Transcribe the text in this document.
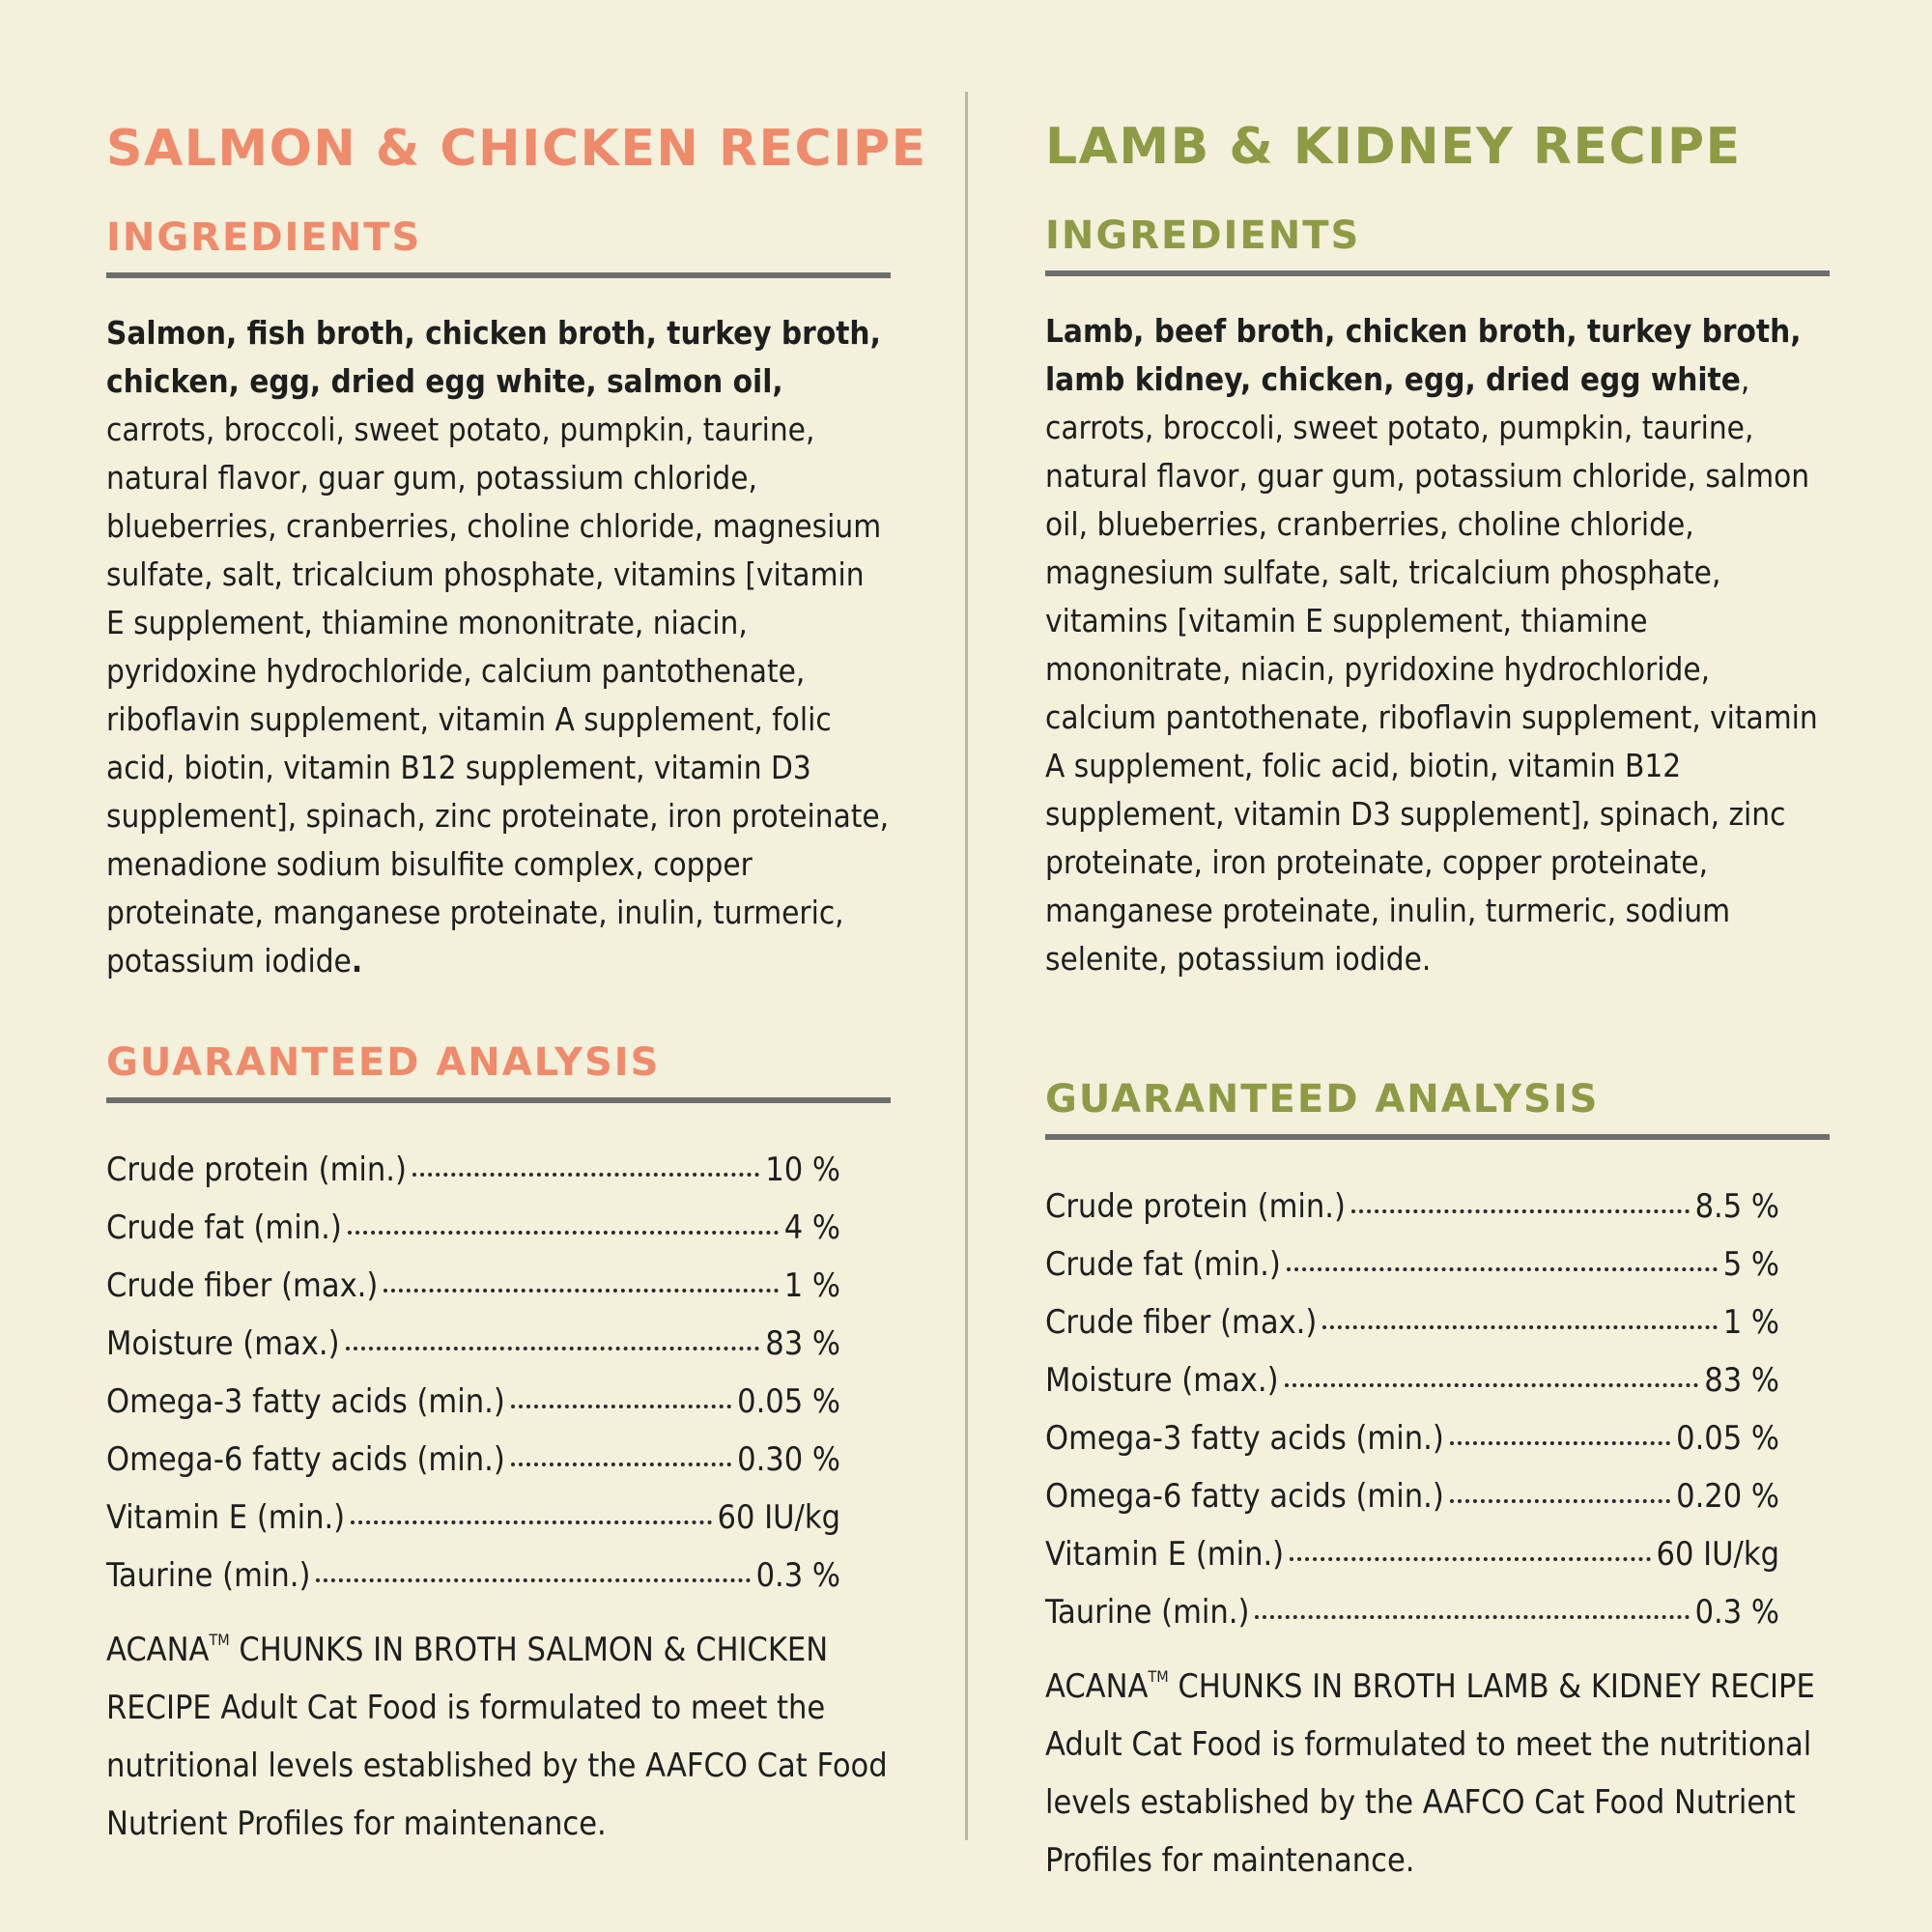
SALMON & CHICKEN RECIPE
INGREDIENTS

Salmon, fish broth, chicken broth, turkey broth, chicken, egg, dried egg white, salmon oil, carrots, broccoli, sweet potato, pumpkin, taurine, natural flavor, guar gum, potassium chloride, blueberries, cranberries, choline chloride, magnesium sulfate, salt, tricalcium phosphate, vitamins [vitamin E supplement, thiamine mononitrate, niacin, pyridoxine hydrochloride, calcium pantothenate, riboflavin supplement, vitamin A supplement, folic acid, biotin, vitamin B12 supplement, vitamin D3 supplement], spinach, zinc proteinate, iron proteinate, menadione sodium bisulfite complex, copper proteinate, manganese proteinate, inulin, turmeric, potassium iodide.

GUARANTEED ANALYSIS
Crude protein (min.)	10 %
Crude fat (min.)	4 %
Crude fiber (max.)	1 %
Moisture (max.)	83 %
Omega-3 fatty acids (min.)	0.05 %
Omega-6 fatty acids (min.)	0.30 %
Vitamin E (min.)	60 IU/kg
Taurine (min.)	0.3 %

ACANA™ CHUNKS IN BROTH SALMON & CHICKEN RECIPE Adult Cat Food is formulated to meet the nutritional levels established by the AAFCO Cat Food Nutrient Profiles for maintenance.

LAMB & KIDNEY RECIPE
INGREDIENTS

Lamb, beef broth, chicken broth, turkey broth, lamb kidney, chicken, egg, dried egg white, carrots, broccoli, sweet potato, pumpkin, taurine, natural flavor, guar gum, potassium chloride, salmon oil, blueberries, cranberries, choline chloride, magnesium sulfate, salt, tricalcium phosphate, vitamins [vitamin E supplement, thiamine mononitrate, niacin, pyridoxine hydrochloride, calcium pantothenate, riboflavin supplement, vitamin A supplement, folic acid, biotin, vitamin B12 supplement, vitamin D3 supplement], spinach, zinc proteinate, iron proteinate, copper proteinate, manganese proteinate, inulin, turmeric, sodium selenite, potassium iodide.

GUARANTEED ANALYSIS
Crude protein (min.)	8.5 %
Crude fat (min.)	5 %
Crude fiber (max.)	1 %
Moisture (max.)	83 %
Omega-3 fatty acids (min.)	0.05 %
Omega-6 fatty acids (min.)	0.20 %
Vitamin E (min.)	60 IU/kg
Taurine (min.)	0.3 %

ACANA™ CHUNKS IN BROTH LAMB & KIDNEY RECIPE Adult Cat Food is formulated to meet the nutritional levels established by the AAFCO Cat Food Nutrient Profiles for maintenance.
